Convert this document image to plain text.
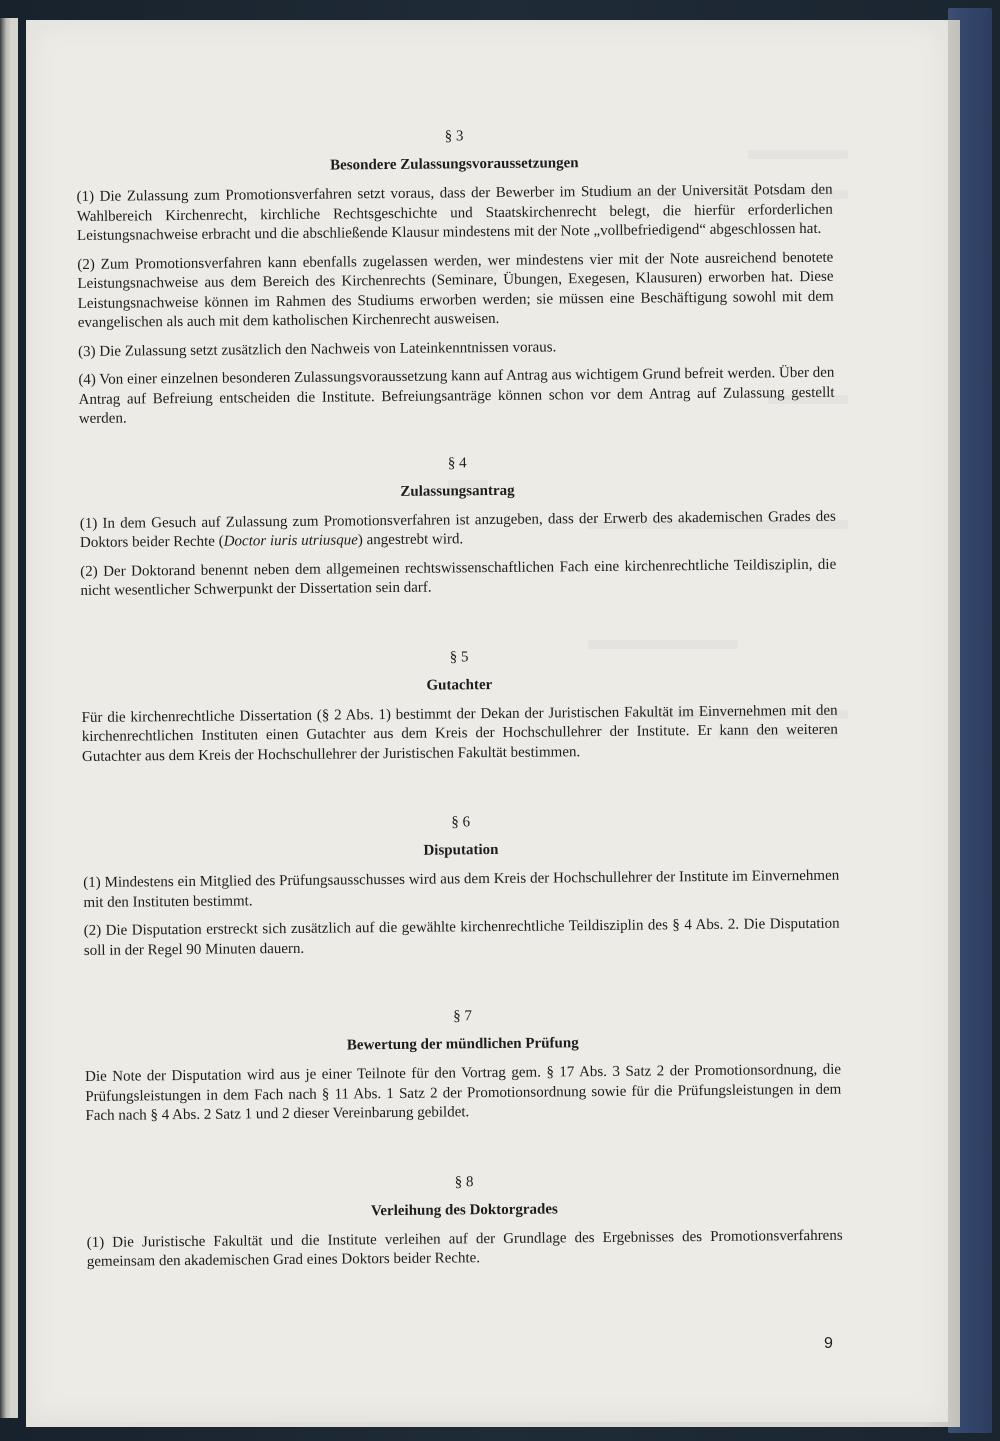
§ 3

Besondere Zulassungsvoraussetzungen

(1) Die Zulassung zum Promotionsverfahren setzt voraus, dass der Bewerber im Studium an der Universität Potsdam den Wahlbereich Kirchenrecht, kirchliche Rechtsgeschichte und Staatskirchenrecht belegt, die hierfür erforderlichen Leistungsnachweise erbracht und die abschließende Klausur mindestens mit der Note „vollbefriedigend“ abgeschlossen hat.

(2) Zum Promotionsverfahren kann ebenfalls zugelassen werden, wer mindestens vier mit der Note ausreichend benotete Leistungsnachweise aus dem Bereich des Kirchenrechts (Seminare, Übungen, Exegesen, Klausuren) erworben hat. Diese Leistungsnachweise können im Rahmen des Studiums erworben werden; sie müssen eine Beschäftigung sowohl mit dem evangelischen als auch mit dem katholischen Kirchenrecht ausweisen.

(3) Die Zulassung setzt zusätzlich den Nachweis von Lateinkenntnissen voraus.

(4) Von einer einzelnen besonderen Zulassungsvoraussetzung kann auf Antrag aus wichtigem Grund befreit werden. Über den Antrag auf Befreiung entscheiden die Institute. Befreiungsanträge können schon vor dem Antrag auf Zulassung gestellt werden.

§ 4

Zulassungsantrag

(1) In dem Gesuch auf Zulassung zum Promotionsverfahren ist anzugeben, dass der Erwerb des akademischen Grades des Doktors beider Rechte (Doctor iuris utriusque) angestrebt wird.

(2) Der Doktorand benennt neben dem allgemeinen rechtswissenschaftlichen Fach eine kirchenrechtliche Teildisziplin, die nicht wesentlicher Schwerpunkt der Dissertation sein darf.

§ 5

Gutachter

Für die kirchenrechtliche Dissertation (§ 2 Abs. 1) bestimmt der Dekan der Juristischen Fakultät im Einvernehmen mit den kirchenrechtlichen Instituten einen Gutachter aus dem Kreis der Hochschullehrer der Institute. Er kann den weiteren Gutachter aus dem Kreis der Hochschullehrer der Juristischen Fakultät bestimmen.

§ 6

Disputation

(1) Mindestens ein Mitglied des Prüfungsausschusses wird aus dem Kreis der Hochschullehrer der Institute im Einvernehmen mit den Instituten bestimmt.

(2) Die Disputation erstreckt sich zusätzlich auf die gewählte kirchenrechtliche Teildisziplin des § 4 Abs. 2. Die Disputation soll in der Regel 90 Minuten dauern.

§ 7

Bewertung der mündlichen Prüfung

Die Note der Disputation wird aus je einer Teilnote für den Vortrag gem. § 17 Abs. 3 Satz 2 der Promotionsordnung, die Prüfungsleistungen in dem Fach nach § 11 Abs. 1 Satz 2 der Promotionsordnung sowie für die Prüfungsleistungen in dem Fach nach § 4 Abs. 2 Satz 1 und 2 dieser Vereinbarung gebildet.

§ 8

Verleihung des Doktorgrades

(1) Die Juristische Fakultät und die Institute verleihen auf der Grundlage des Ergebnisses des Promotionsverfahrens gemeinsam den akademischen Grad eines Doktors beider Rechte.

9
